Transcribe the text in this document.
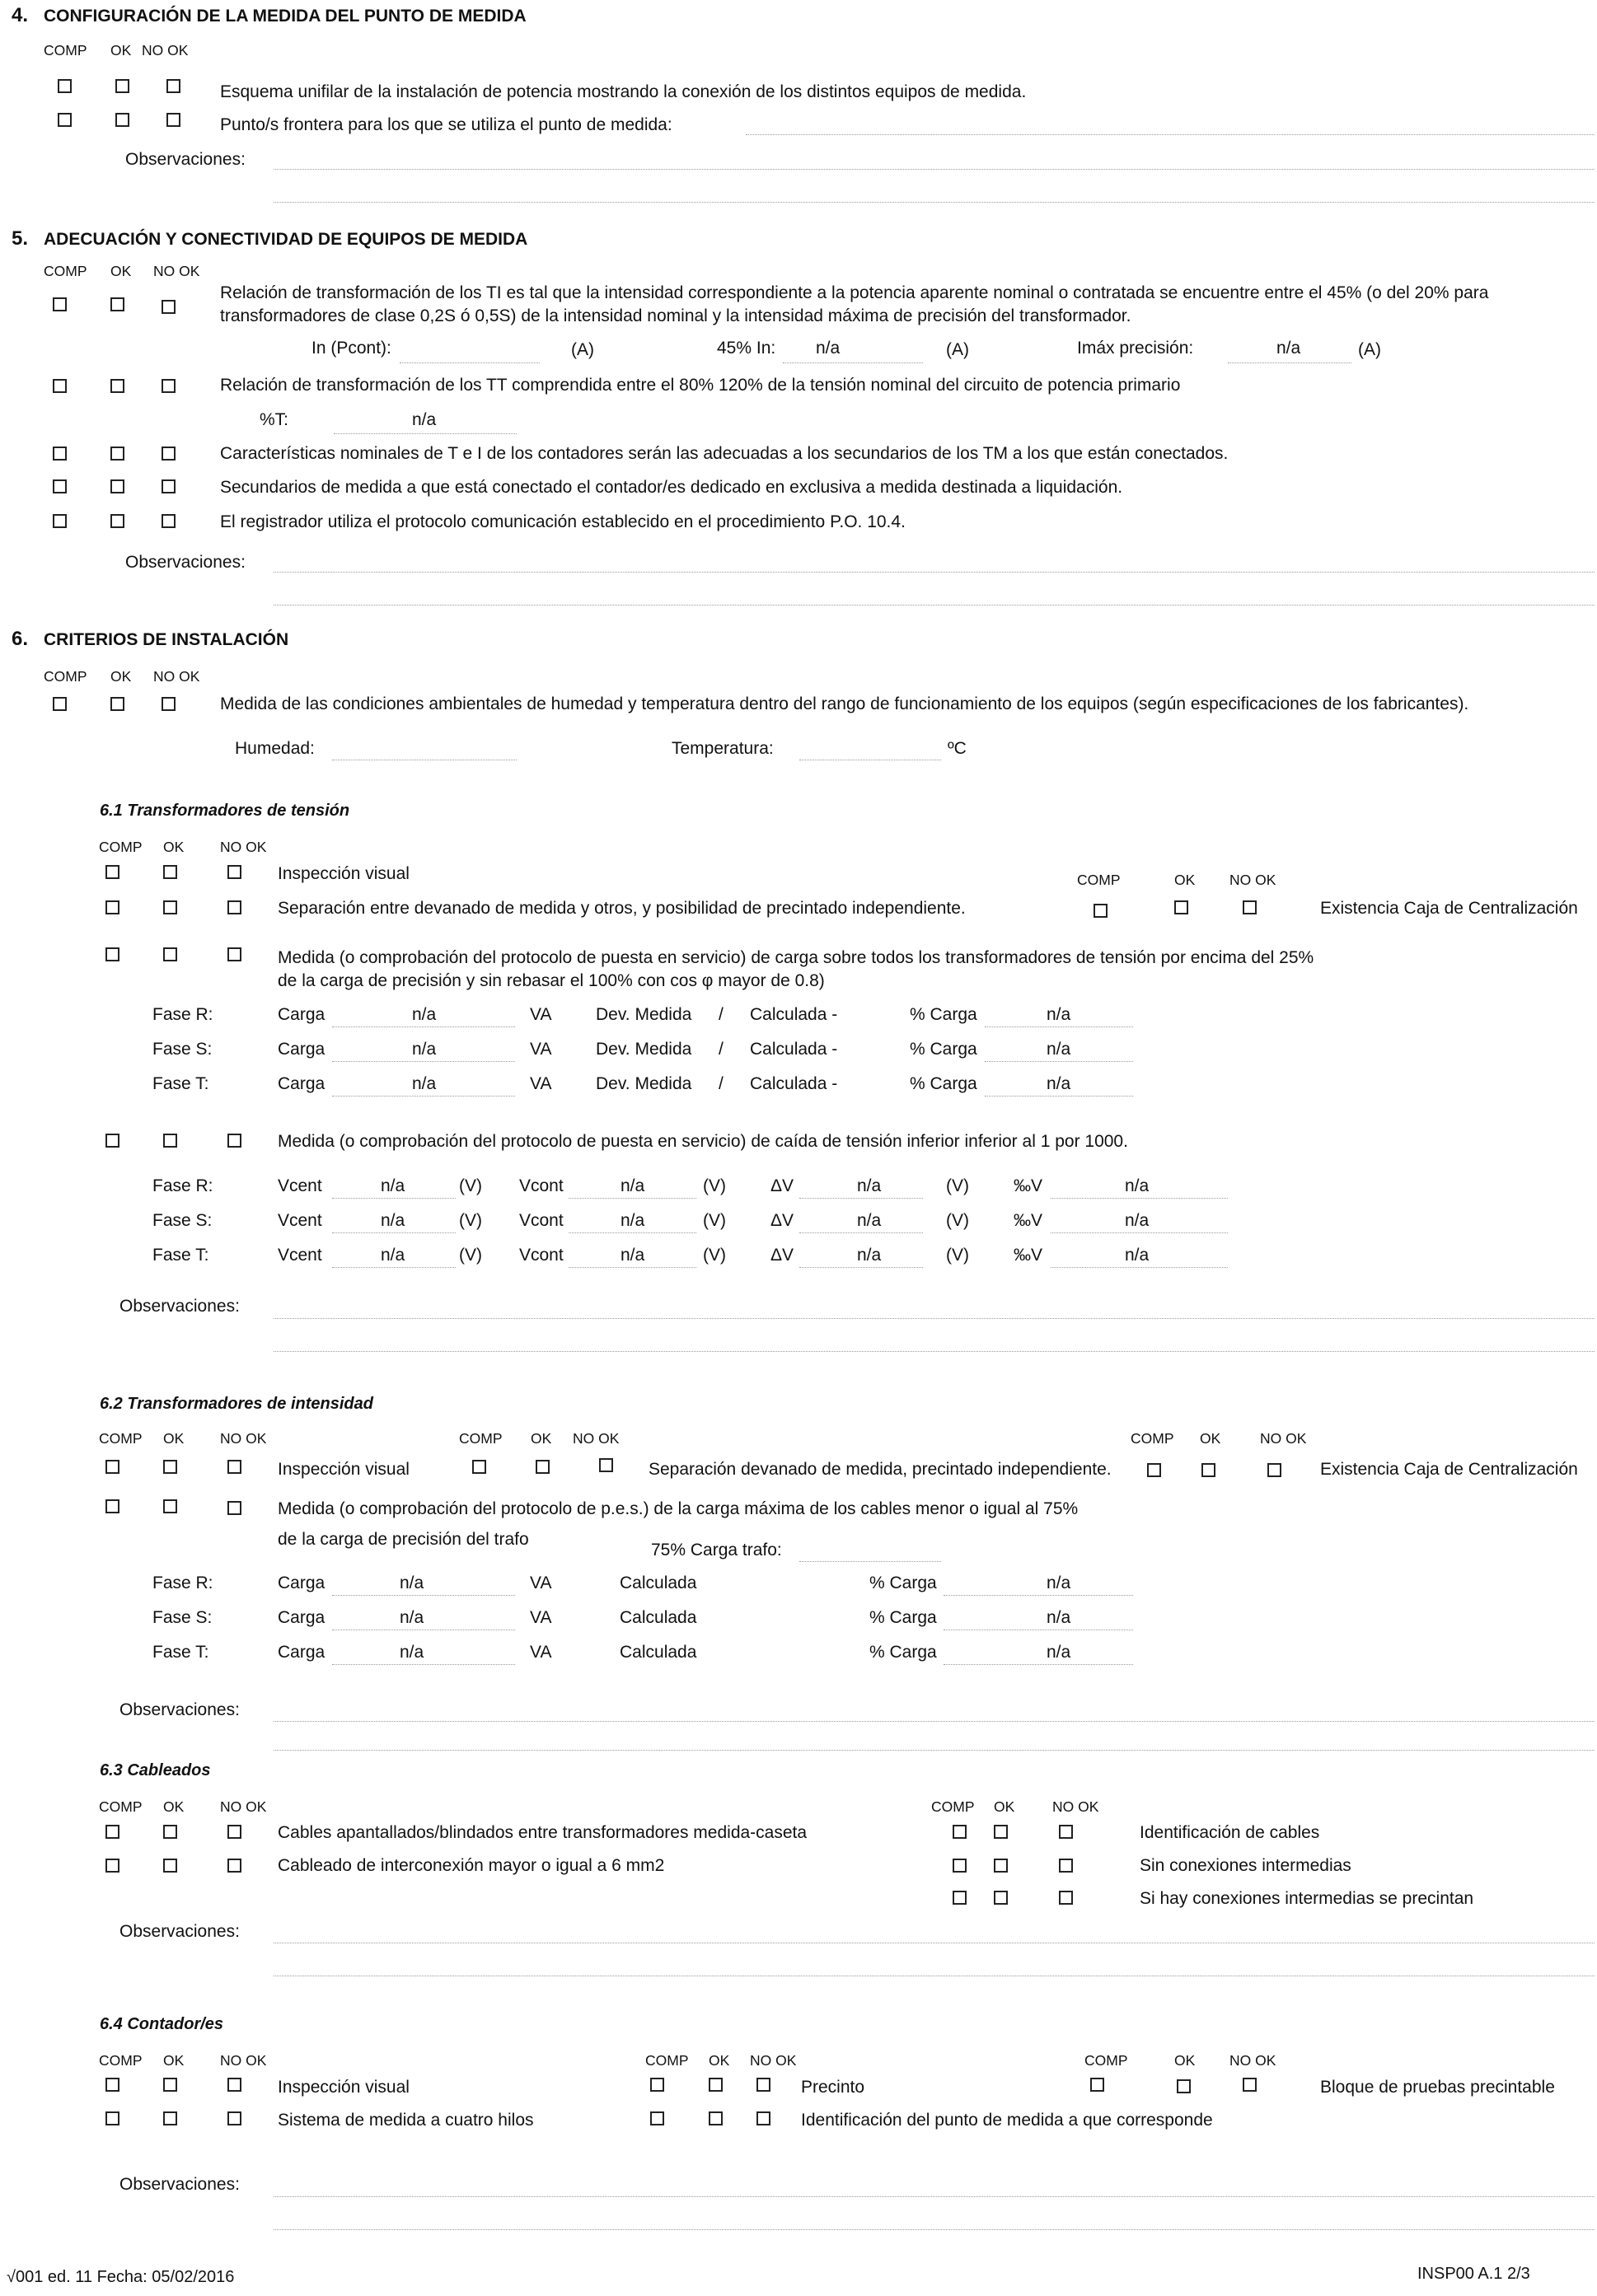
4. CONFIGURACIÓN DE LA MEDIDA DEL PUNTO DE MEDIDA
COMP OK NO OK
Esquema unifilar de la instalación de potencia mostrando la conexión de los distintos equipos de medida.
Punto/s frontera para los que se utiliza el punto de medida:
Observaciones:
5. ADECUACIÓN Y CONECTIVIDAD DE EQUIPOS DE MEDIDA
COMP OK NO OK
Relación de transformación de los TI es tal que la intensidad correspondiente a la potencia aparente nominal o contratada se encuentre entre el 45% (o del 20% para transformadores de clase 0,2S ó 0,5S) de la intensidad nominal y la intensidad máxima de precisión del transformador.
In (Pcont):	(A)	45% In: n/a	(A)	Imáx precisión:	n/a	(A)
Relación de transformación de los TT comprendida entre el 80% 120% de la tensión nominal del circuito de potencia primario
%T:	n/a
Características nominales de T e I de los contadores serán las adecuadas a los secundarios de los TM a los que están conectados.
Secundarios de medida a que está conectado el contador/es dedicado en exclusiva a medida destinada a liquidación.
El registrador utiliza el protocolo comunicación establecido en el procedimiento P.O. 10.4.
Observaciones:
6. CRITERIOS DE INSTALACIÓN
COMP OK NO OK
Medida de las condiciones ambientales de humedad y temperatura dentro del rango de funcionamiento de los equipos (según especificaciones de los fabricantes).
Humedad:	Temperatura:	ºC
6.1 Transformadores de tensión
COMP OK NO OK
Inspección visual	COMP	OK NO OK
Separación entre devanado de medida y otros, y posibilidad de precintado independiente.	Existencia Caja de Centralización
Medida (o comprobación del protocolo de puesta en servicio) de carga sobre todos los transformadores de tensión por encima del 25% de la carga de precisión y sin rebasar el 100% con cos φ mayor de 0.8)
Fase R:	Carga	n/a	VA	Dev. Medida / Calculada -	% Carga	n/a
Fase S:	Carga	n/a	VA	Dev. Medida / Calculada -	% Carga	n/a
Fase T:	Carga	n/a	VA	Dev. Medida / Calculada -	% Carga	n/a
Medida (o comprobación del protocolo de puesta en servicio) de caída de tensión inferior inferior al 1 por 1000.
Fase R:	Vcent	n/a	(V) Vcont	n/a	(V)	ΔV	n/a	(V)	‰V	n/a
Fase S:	Vcent	n/a	(V) Vcont	n/a	(V)	ΔV	n/a	(V)	‰V	n/a
Fase T:	Vcent	n/a	(V) Vcont	n/a	(V)	ΔV	n/a	(V)	‰V	n/a
Observaciones:
6.2 Transformadores de intensidad
COMP OK NO OK	COMP OK NO OK	COMP OK	NO OK
Inspección visual	Separación devanado de medida, precintado independiente.	Existencia Caja de Centralización
Medida (o comprobación del protocolo de p.e.s.) de la carga máxima de los cables menor o igual al 75%
de la carga de precisión del trafo
75% Carga trafo:
Fase R:	Carga	n/a	VA	Calculada	% Carga	n/a
Fase S:	Carga	n/a	VA	Calculada	% Carga	n/a
Fase T:	Carga	n/a	VA	Calculada	% Carga	n/a
Observaciones:
6.3 Cableados
COMP OK NO OK	COMP OK	NO OK
Cables apantallados/blindados entre transformadores medida-caseta	Identificación de cables
Cableado de interconexión mayor o igual a 6 mm2	Sin conexiones intermedias
Si hay conexiones intermedias se precintan
Observaciones:
6.4 Contador/es
COMP OK NO OK	COMP OK NO OK	COMP	OK NO OK
Inspección visual	Precinto	Bloque de pruebas precintable
Sistema de medida a cuatro hilos	Identificación del punto de medida a que corresponde
Observaciones:
√001 ed. 11 Fecha: 05/02/2016	INSP00 A.1 2/3
